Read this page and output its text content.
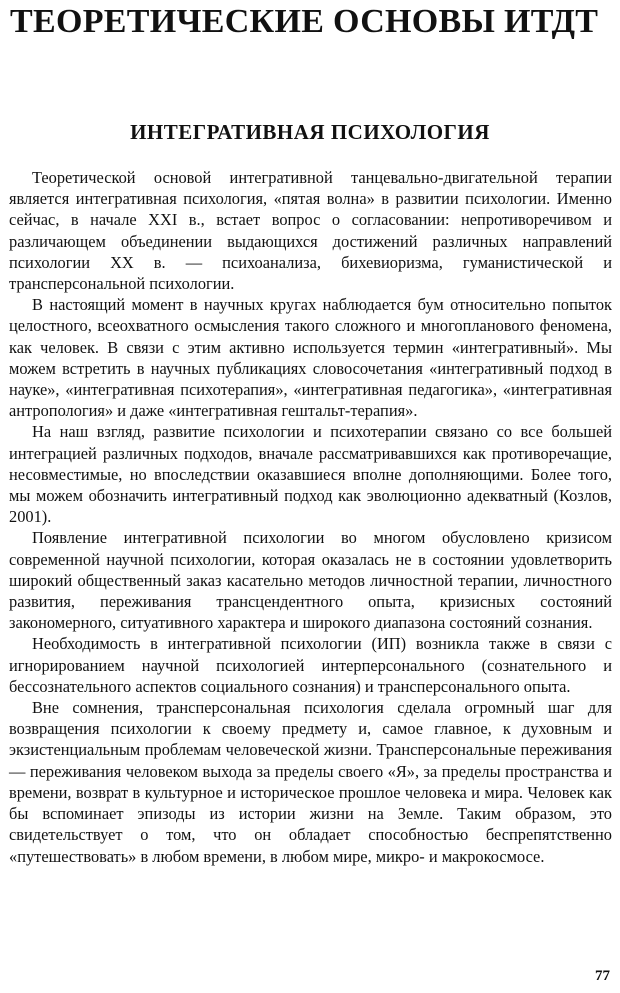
ТЕОРЕТИЧЕСКИЕ ОСНОВЫ ИТДТ
ИНТЕГРАТИВНАЯ ПСИХОЛОГИЯ

Теоретической основой интегративной танцевально-двигательной терапии является интегративная психология, «пятая волна» в развитии психологии. Именно сейчас, в начале XXI в., встает вопрос о согласовании: непротиворечивом и различающем объединении выдающихся достижений различных направлений психологии XX в. — психоанализа, бихевиоризма, гуманистической и трансперсональной психологии.

В настоящий момент в научных кругах наблюдается бум относительно попыток целостного, всеохватного осмысления такого сложного и многопланового феномена, как человек. В связи с этим активно используется термин «интегративный». Мы можем встретить в научных публикациях словосочетания «интегративный подход в науке», «интегративная психотерапия», «интегративная педагогика», «интегративная антропология» и даже «интегративная гештальт-терапия».

На наш взгляд, развитие психологии и психотерапии связано со все большей интеграцией различных подходов, вначале рассматривавшихся как противоречащие, несовместимые, но впоследствии оказавшиеся вполне дополняющими. Более того, мы можем обозначить интегративный подход как эволюционно адекватный (Козлов, 2001).

Появление интегративной психологии во многом обусловлено кризисом современной научной психологии, которая оказалась не в состоянии удовлетворить широкий общественный заказ касательно методов личностной терапии, личностного развития, переживания трансцендентного опыта, кризисных состояний закономерного, ситуативного характера и широкого диапазона состояний сознания.

Необходимость в интегративной психологии (ИП) возникла также в связи с игнорированием научной психологией интерперсонального (сознательного и бессознательного аспектов социального сознания) и трансперсонального опыта.

Вне сомнения, трансперсональная психология сделала огромный шаг для возвращения психологии к своему предмету и, самое главное, к духовным и экзистенциальным проблемам человеческой жизни. Трансперсональные переживания — переживания человеком выхода за пределы своего «Я», за пределы пространства и времени, возврат в культурное и историческое прошлое человека и мира. Человек как бы вспоминает эпизоды из истории жизни на Земле. Таким образом, это свидетельствует о том, что он обладает способностью беспрепятственно «путешествовать» в любом времени, в любом мире, микро- и макрокосмосе.

77
